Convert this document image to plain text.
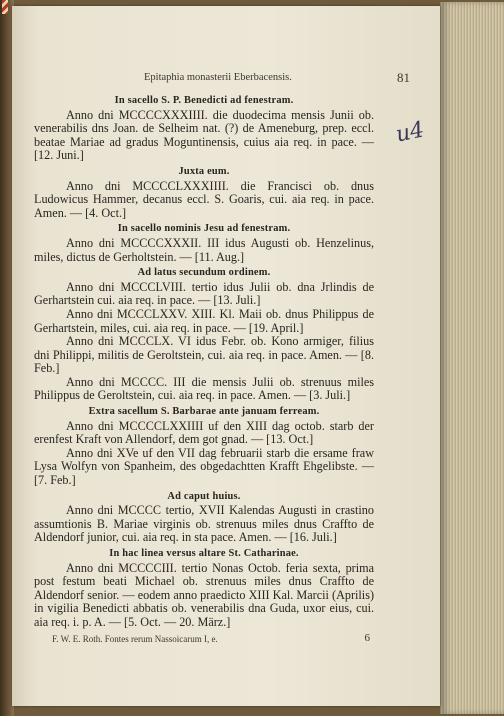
Epitaphia monasterii Eberbacensis.	81
u4
In sacello S. P. Benedicti ad fenestram.

Anno dni MCCCCXXXIIII. die duodecima mensis Junii ob. venerabilis dns Joan. de Selheim nat. (?) de Ameneburg, prep. eccl. beatae Mariae ad gradus Moguntinensis, cuius aia req. in pace. — [12. Juni.]

Juxta eum.

Anno dni MCCCCLXXXIIII. die Francisci ob. dnus Ludowicus Hammer, decanus eccl. S. Goaris, cui. aia req. in pace. Amen. — [4. Oct.]

In sacello nominis Jesu ad fenestram.

Anno dni MCCCCXXXII. III idus Augusti ob. Henzelinus, miles, dictus de Gerholtstein. — [11. Aug.]

Ad latus secundum ordinem.

Anno dni MCCCLVIII. tertio idus Julii ob. dna Jrlindis de Gerhartstein cui. aia req. in pace. — [13. Juli.]

Anno dni MCCCLXXV. XIII. Kl. Maii ob. dnus Philippus de Gerhartstein, miles, cui. aia req. in pace. — [19. April.]

Anno dni MCCCLX. VI idus Febr. ob. Kono armiger, filius dni Philippi, militis de Geroltstein, cui. aia req. in pace. Amen. — [8. Feb.]

Anno dni MCCCC. III die mensis Julii ob. strenuus miles Philippus de Geroltstein, cui. aia req. in pace. Amen. — [3. Juli.]

Extra sacellum S. Barbarae ante januam ferream.

Anno dni MCCCCLXXIIII uf den XIII dag octob. starb der erenfest Kraft von Allendorf, dem got gnad. — [13. Oct.]

Anno dni XVe uf den VII dag februarii starb die ersame fraw Lysa Wolfyn von Spanheim, des obgedachtten Krafft Ehgelibste. — [7. Feb.]

Ad caput huius.

Anno dni MCCCC tertio, XVII Kalendas Augusti in crastino assumtionis B. Mariae virginis ob. strenuus miles dnus Craffto de Aldendorf junior, cui. aia req. in sta pace. Amen. — [16. Juli.]

In hac linea versus altare St. Catharinae.

Anno dni MCCCCIII. tertio Nonas Octob. feria sexta, prima post festum beati Michael ob. strenuus miles dnus Craffto de Aldendorf senior. — eodem anno praedicto XIII Kal. Marcii (Aprilis) in vigilia Benedicti abbatis ob. venerabilis dna Guda, uxor eius, cui. aia req. i. p. A. — [5. Oct. — 20. März.]

F. W. E. Roth. Fontes rerum Nassoicarum I, e.	6
